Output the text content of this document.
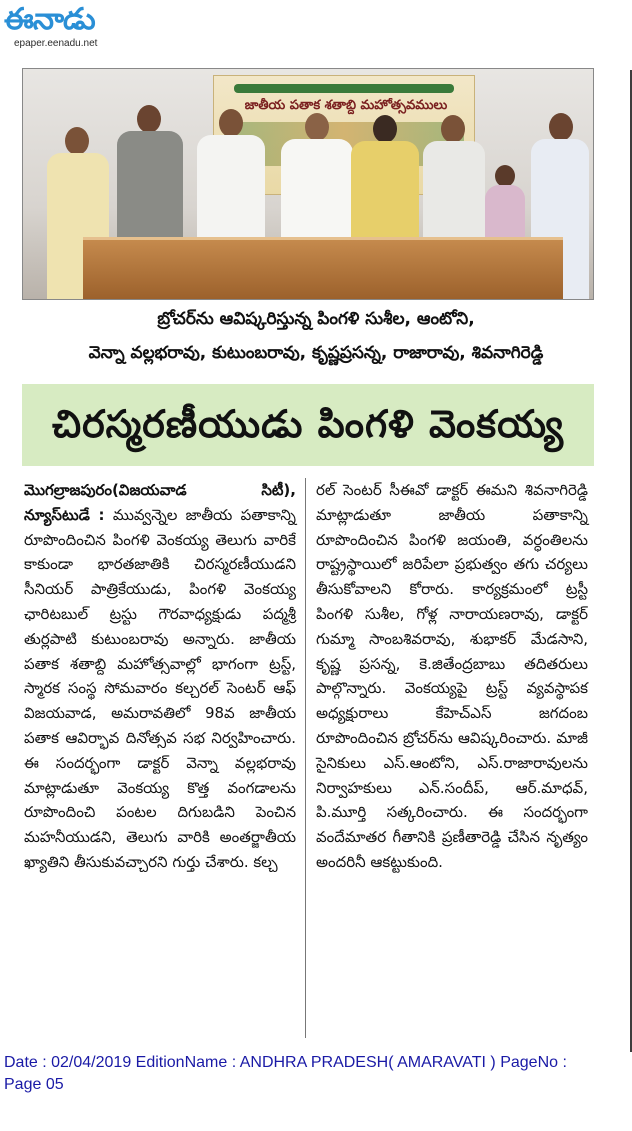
ఈనాడు
epaper.eenadu.net
జాతీయ పతాక శతాబ్ది మహోత్సవములు
బ్రోచర్‌ను ఆవిష్కరిస్తున్న పింగళి సుశీల, ఆంటోని,
వెన్నా వల్లభరావు, కుటుంబరావు, కృష్ణప్రసన్న, రాజారావు, శివనాగిరెడ్డి
చిరస్మరణీయుడు పింగళి వెంకయ్య

మొగల్రాజపురం(విజయవాడ సిటీ), న్యూస్‌టుడే : మువ్వన్నెల జాతీయ పతాకాన్ని రూపొందించిన పింగళి వెంకయ్య తెలుగు వారికే కాకుండా భారతజాతికి చిరస్మరణీయుడని సీనియర్ పాత్రికేయుడు, పింగళి వెంకయ్య ఛారిటబుల్ ట్రస్టు గౌరవాధ్యక్షుడు పద్మశ్రీ తుర్లపాటి కుటుంబరావు అన్నారు. జాతీయ పతాక శతాబ్ది మహోత్సవాల్లో భాగంగా ట్రస్ట్, స్మారక సంస్థ సోమవారం కల్చరల్ సెంటర్ ఆఫ్ విజయవాడ, అమరావతిలో 98వ జాతీయ పతాక ఆవిర్భావ దినోత్సవ సభ నిర్వహించారు. ఈ సందర్భంగా డాక్టర్ వెన్నా వల్లభరావు మాట్లాడుతూ వెంకయ్య కొత్త వంగడాలను రూపొందించి పంటల దిగుబడిని పెంచిన మహనీయుడని, తెలుగు వారికి అంతర్జాతీయ ఖ్యాతిని తీసుకువచ్చారని గుర్తు చేశారు. కల్చ

రల్ సెంటర్ సీఈవో డాక్టర్ ఈమని శివనాగిరెడ్డి మాట్లాడుతూ జాతీయ పతాకాన్ని రూపొందించిన పింగళి జయంతి, వర్ధంతిలను రాష్ట్రస్థాయిలో జరిపేలా ప్రభుత్వం తగు చర్యలు తీసుకోవాలని కోరారు. కార్యక్రమంలో ట్రస్టీ పింగళి సుశీల, గోళ్ల నారాయణరావు, డాక్టర్ గుమ్మా సాంబశివరావు, శుభాకర్ మేడసాని, కృష్ణ ప్రసన్న, కె.జితేంద్రబాబు తదితరులు పాల్గొన్నారు. వెంకయ్యపై ట్రస్ట్ వ్యవస్థాపక అధ్యక్షురాలు కేహెచ్‌ఎస్ జగదంబ రూపొందించిన బ్రోచర్‌ను ఆవిష్కరించారు. మాజీ సైనికులు ఎస్.ఆంటోని, ఎస్.రాజారావులను నిర్వాహకులు ఎన్.సందీప్, ఆర్.మాధవ్, పి.మూర్తి సత్కరించారు. ఈ సందర్భంగా వందేమాతర గీతానికి ప్రణీతారెడ్డి చేసిన నృత్యం అందరినీ ఆకట్టుకుంది.

Date : 02/04/2019 EditionName : ANDHRA PRADESH( AMARAVATI ) PageNo : Page 05
